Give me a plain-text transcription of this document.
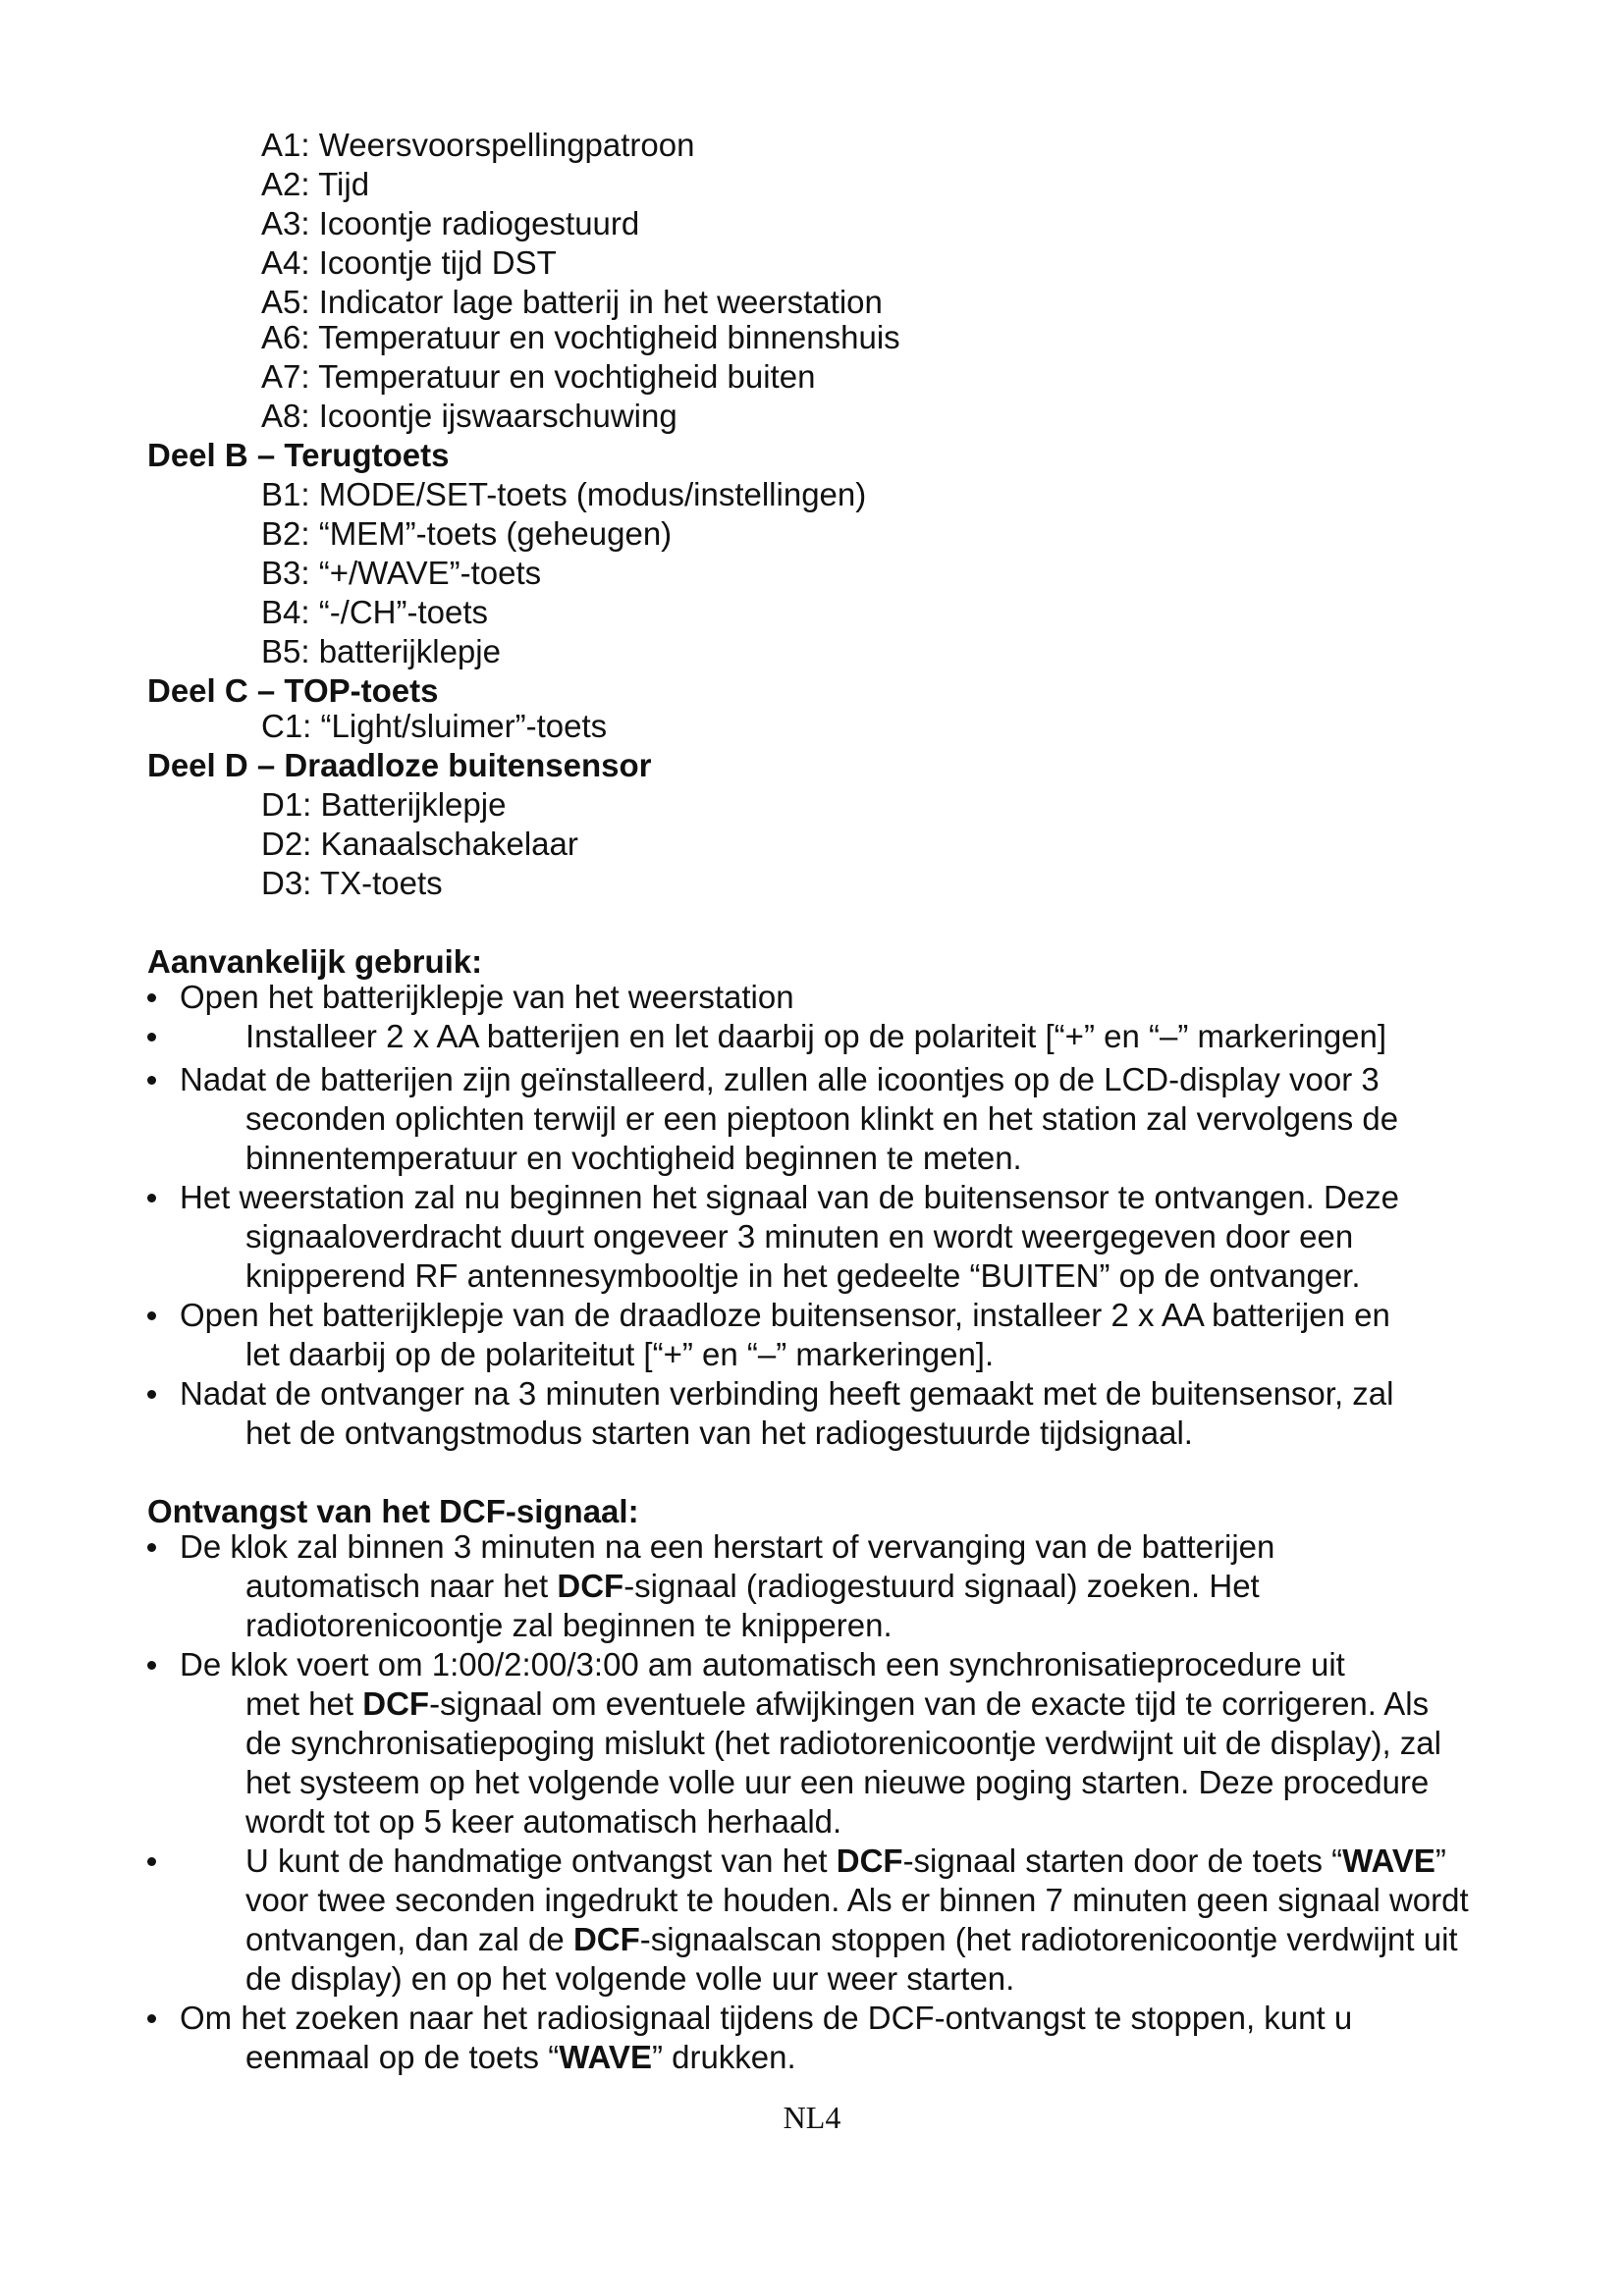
A1: Weersvoorspellingpatroon
A2: Tijd
A3: Icoontje radiogestuurd
A4: Icoontje tijd DST
A5: Indicator lage batterij in het weerstation
A6: Temperatuur en vochtigheid binnenshuis
A7: Temperatuur en vochtigheid buiten
A8: Icoontje ijswaarschuwing
Deel B – Terugtoets
B1: MODE/SET-toets (modus/instellingen)
B2: “MEM”-toets (geheugen)
B3: “+/WAVE”-toets
B4: “-/CH”-toets
B5: batterijklepje
Deel C – TOP-toets
C1: “Light/sluimer”-toets
Deel D – Draadloze buitensensor
D1: Batterijklepje
D2: Kanaalschakelaar
D3: TX-toets
Aanvankelijk gebruik:
Open het batterijklepje van het weerstation
Installeer 2 x AA batterijen en let daarbij op de polariteit [“+” en “–” markeringen]
Nadat de batterijen zijn geïnstalleerd, zullen alle icoontjes op de LCD-display voor 3
seconden oplichten terwijl er een pieptoon klinkt en het station zal vervolgens de
binnentemperatuur en vochtigheid beginnen te meten.
Het weerstation zal nu beginnen het signaal van de buitensensor te ontvangen. Deze
signaaloverdracht duurt ongeveer 3 minuten en wordt weergegeven door een
knipperend RF antennesymbooltje in het gedeelte “BUITEN” op de ontvanger.
Open het batterijklepje van de draadloze buitensensor, installeer 2 x AA batterijen en
let daarbij op de polaritei​tut [“+” en “–” markeringen].
Nadat de ontvanger na 3 minuten verbinding heeft gemaakt met de buitensensor, zal
het de ontvangstmodus starten van het radiogestuurde tijdsignaal.
Ontvangst van het DCF-signaal:
De klok zal binnen 3 minuten na een herstart of vervanging van de batterijen
automatisch naar het DCF-signaal (radiogestuurd signaal) zoeken. Het
radiotorenicoontje zal beginnen te knipperen.
De klok voert om 1:00/2:00/3:00 am automatisch een synchronisatieprocedure uit
met het DCF-signaal om eventuele afwijkingen van de exacte tijd te corrigeren. Als
de synchronisatiepoging mislukt (het radiotorenicoontje verdwijnt uit de display), zal
het systeem op het volgende volle uur een nieuwe poging starten. Deze procedure
wordt tot op 5 keer automatisch herhaald.
U kunt de handmatige ontvangst van het DCF-signaal starten door de toets “WAVE”
voor twee seconden ingedrukt te houden. Als er binnen 7 minuten geen signaal wordt
ontvangen, dan zal de DCF-signaalscan stoppen (het radiotorenicoontje verdwijnt uit
de display) en op het volgende volle uur weer starten.
Om het zoeken naar het radiosignaal tijdens de DCF-ontvangst te stoppen, kunt u
eenmaal op de toets “WAVE” drukken.
NL4
